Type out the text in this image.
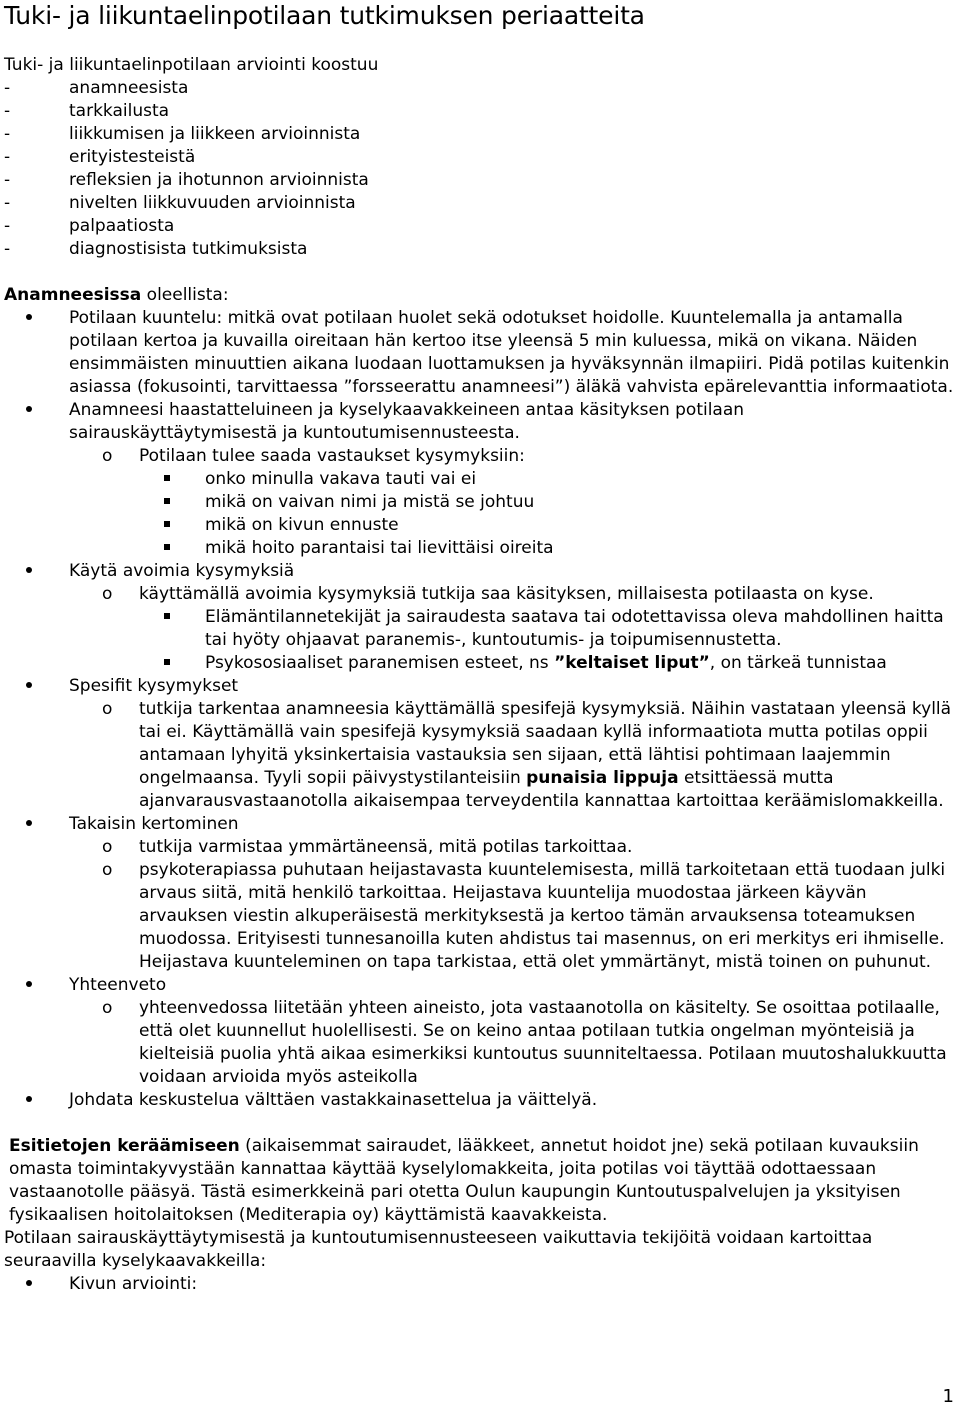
Tuki- ja liikuntaelinpotilaan tutkimuksen periaatteita
Tuki- ja liikuntaelinpotilaan arviointi koostuu
-	anamneesista
-	tarkkailusta
-	liikkumisen ja liikkeen arvioinnista
-	erityistesteistä
-	refleksien ja ihotunnon arvioinnista
-	nivelten liikkuvuuden arvioinnista
-	palpaatiosta
-	diagnostisista tutkimuksista
Anamneesissa oleellista:
Potilaan kuuntelu: mitkä ovat potilaan huolet sekä odotukset hoidolle. Kuuntelemalla ja antamalla potilaan kertoa ja kuvailla oireitaan hän kertoo itse yleensä 5 min kuluessa, mikä on vikana. Näiden ensimmäisten minuuttien aikana luodaan luottamuksen ja hyväksynnän ilmapiiri. Pidä potilas kuitenkin asiassa (fokusointi, tarvittaessa ”forsseerattu anamneesi”) äläkä vahvista epärelevanttia informaatiota.
Anamneesi haastatteluineen ja kyselykaavakkeineen antaa käsityksen potilaan sairauskäyttäytymisestä ja kuntoutumisennusteesta.
o Potilaan tulee saada vastaukset kysymyksiin:
onko minulla vakava tauti vai ei
mikä on vaivan nimi ja mistä se johtuu
mikä on kivun ennuste
mikä hoito parantaisi tai lievittäisi oireita
Käytä avoimia kysymyksiä
o käyttämällä avoimia kysymyksiä tutkija saa käsityksen, millaisesta potilaasta on kyse.
Elämäntilannetekijät ja sairaudesta saatava tai odotettavissa oleva mahdollinen haitta tai hyöty ohjaavat paranemis-, kuntoutumis- ja toipumisennustetta.
Psykososiaaliset paranemisen esteet, ns ”keltaiset liput”, on tärkeä tunnistaa
Spesifit kysymykset
o tutkija tarkentaa anamneesia käyttämällä spesifejä kysymyksiä. Näihin vastataan yleensä kyllä tai ei. Käyttämällä vain spesifejä kysymyksiä saadaan kyllä informaatiota mutta potilas oppii antamaan lyhyitä yksinkertaisia vastauksia sen sijaan, että lähtisi pohtimaan laajemmin ongelmaansa. Tyyli sopii päivystystilanteisiin punaisia lippuja etsittäessä mutta ajanvarausvastaanotolla aikaisempaa terveydentila kannattaa kartoittaa keräämislomakkeilla.
Takaisin kertominen
o tutkija varmistaa ymmärtäneensä, mitä potilas tarkoittaa.
o psykoterapiassa puhutaan heijastavasta kuuntelemisesta, millä tarkoitetaan että tuodaan julki arvaus siitä, mitä henkilö tarkoittaa. Heijastava kuuntelija muodostaa järkeen käyvän arvauksen viestin alkuperäisestä merkityksestä ja kertoo tämän arvauksensa toteamuksen muodossa. Erityisesti tunnesanoilla kuten ahdistus tai masennus, on eri merkitys eri ihmiselle. Heijastava kuunteleminen on tapa tarkistaa, että olet ymmärtänyt, mistä toinen on puhunut.
Yhteenveto
o yhteenvedossa liitetään yhteen aineisto, jota vastaanotolla on käsitelty. Se osoittaa potilaalle, että olet kuunnellut huolellisesti. Se on keino antaa potilaan tutkia ongelman myönteisiä ja kielteisiä puolia yhtä aikaa esimerkiksi kuntoutus suunniteltaessa. Potilaan muutoshalukkuutta voidaan arvioida myös asteikolla
Johdata keskustelua välttäen vastakkainasettelua ja väittelyä.
Esitietojen keräämiseen (aikaisemmat sairaudet, lääkkeet, annetut hoidot jne) sekä potilaan kuvauksiin omasta toimintakyvystään kannattaa käyttää kyselylomakkeita, joita potilas voi täyttää odottaessaan vastaanotolle pääsyä. Tästä esimerkkeinä pari otetta Oulun kaupungin Kuntoutuspalvelujen ja yksityisen fysikaalisen hoitolaitoksen (Mediterapia oy) käyttämistä kaavakkeista.
Potilaan sairauskäyttäytymisestä ja kuntoutumisennusteeseen vaikuttavia tekijöitä voidaan kartoittaa seuraavilla kyselykaavakkeilla:
Kivun arviointi:
1
